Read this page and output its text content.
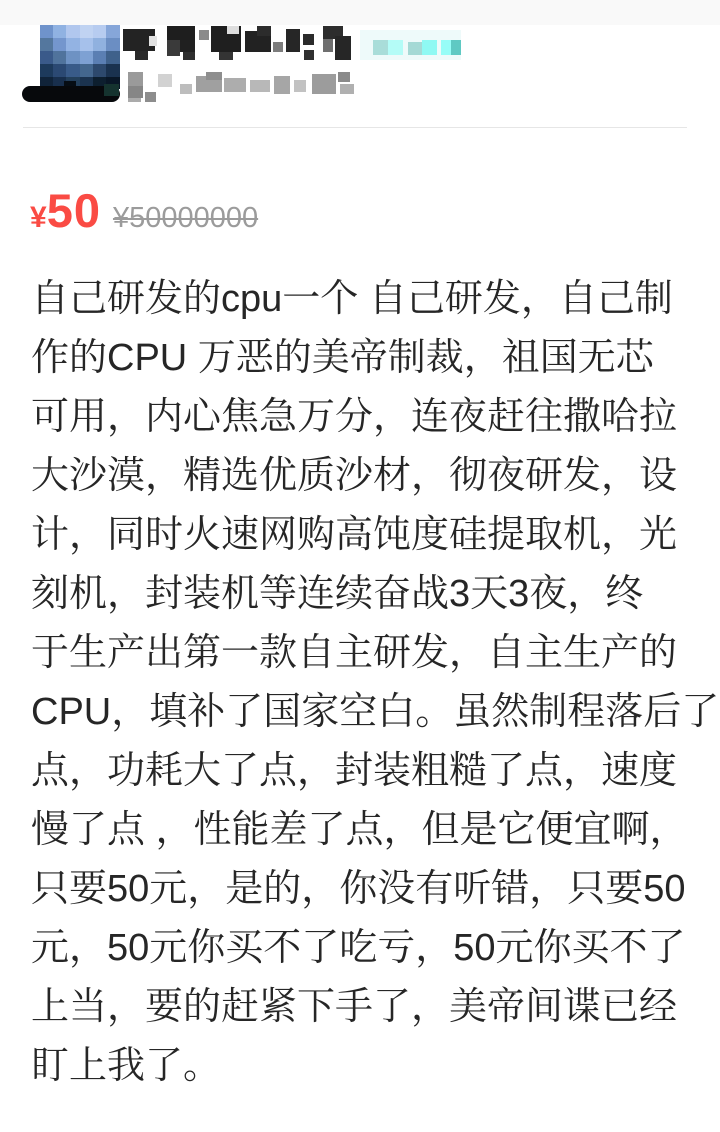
¥ 50 ¥50000000
自己研发的cpu一个 自己研发，自己制
作的CPU 万恶的美帝制裁，祖国无芯
可用，内心焦急万分，连夜赶往撒哈拉
大沙漠，精选优质沙材，彻夜研发，设
计，同时火速网购高饨度硅提取机，光
刻机，封装机等连续奋战3天3夜，终
于生产出第一款自主研发，自主生产的
CPU，填补了国家空白。虽然制程落后了
点，功耗大了点，封装粗糙了点，速度
慢了点 ，性能差了点，但是它便宜啊，
只要50元，是的，你没有听错，只要50
元，50元你买不了吃亏，50元你买不了
上当，要的赶紧下手了，美帝间谍已经
盯上我了。
